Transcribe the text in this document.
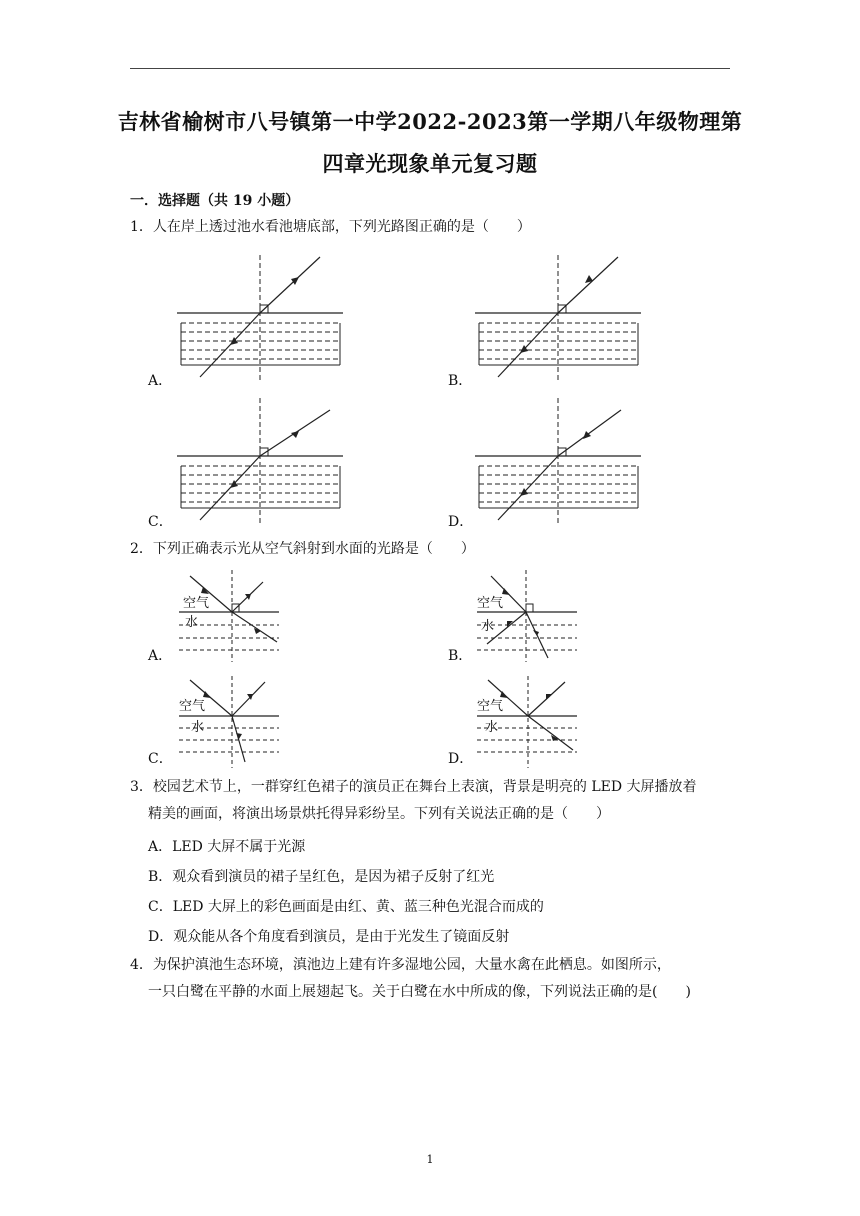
吉林省榆树市八号镇第一中学2022-2023第一学期八年级物理第
四章光现象单元复习题
一．选择题（共 19 小题）
1．人在岸上透过池水看池塘底部，下列光路图正确的是（　　）
A．	B．
C．	D．
2．下列正确表示光从空气斜射到水面的光路是（　　）
A．	B．
C．	D．
空气
水
空气
水
空气
水
空气
水
3．校园艺术节上，一群穿红色裙子的演员正在舞台上表演，背景是明亮的 LED 大屏播放着

精美的画面，将演出场景烘托得异彩纷呈。下列有关说法正确的是（　　）
A．LED 大屏不属于光源
B．观众看到演员的裙子呈红色，是因为裙子反射了红光
C．LED 大屏上的彩色画面是由红、黄、蓝三种色光混合而成的
D．观众能从各个角度看到演员，是由于光发生了镜面反射
4．为保护滇池生态环境，滇池边上建有许多湿地公园，大量水禽在此栖息。如图所示，

一只白鹭在平静的水面上展翅起飞。关于白鹭在水中所成的像，下列说法正确的是(　　)
1
